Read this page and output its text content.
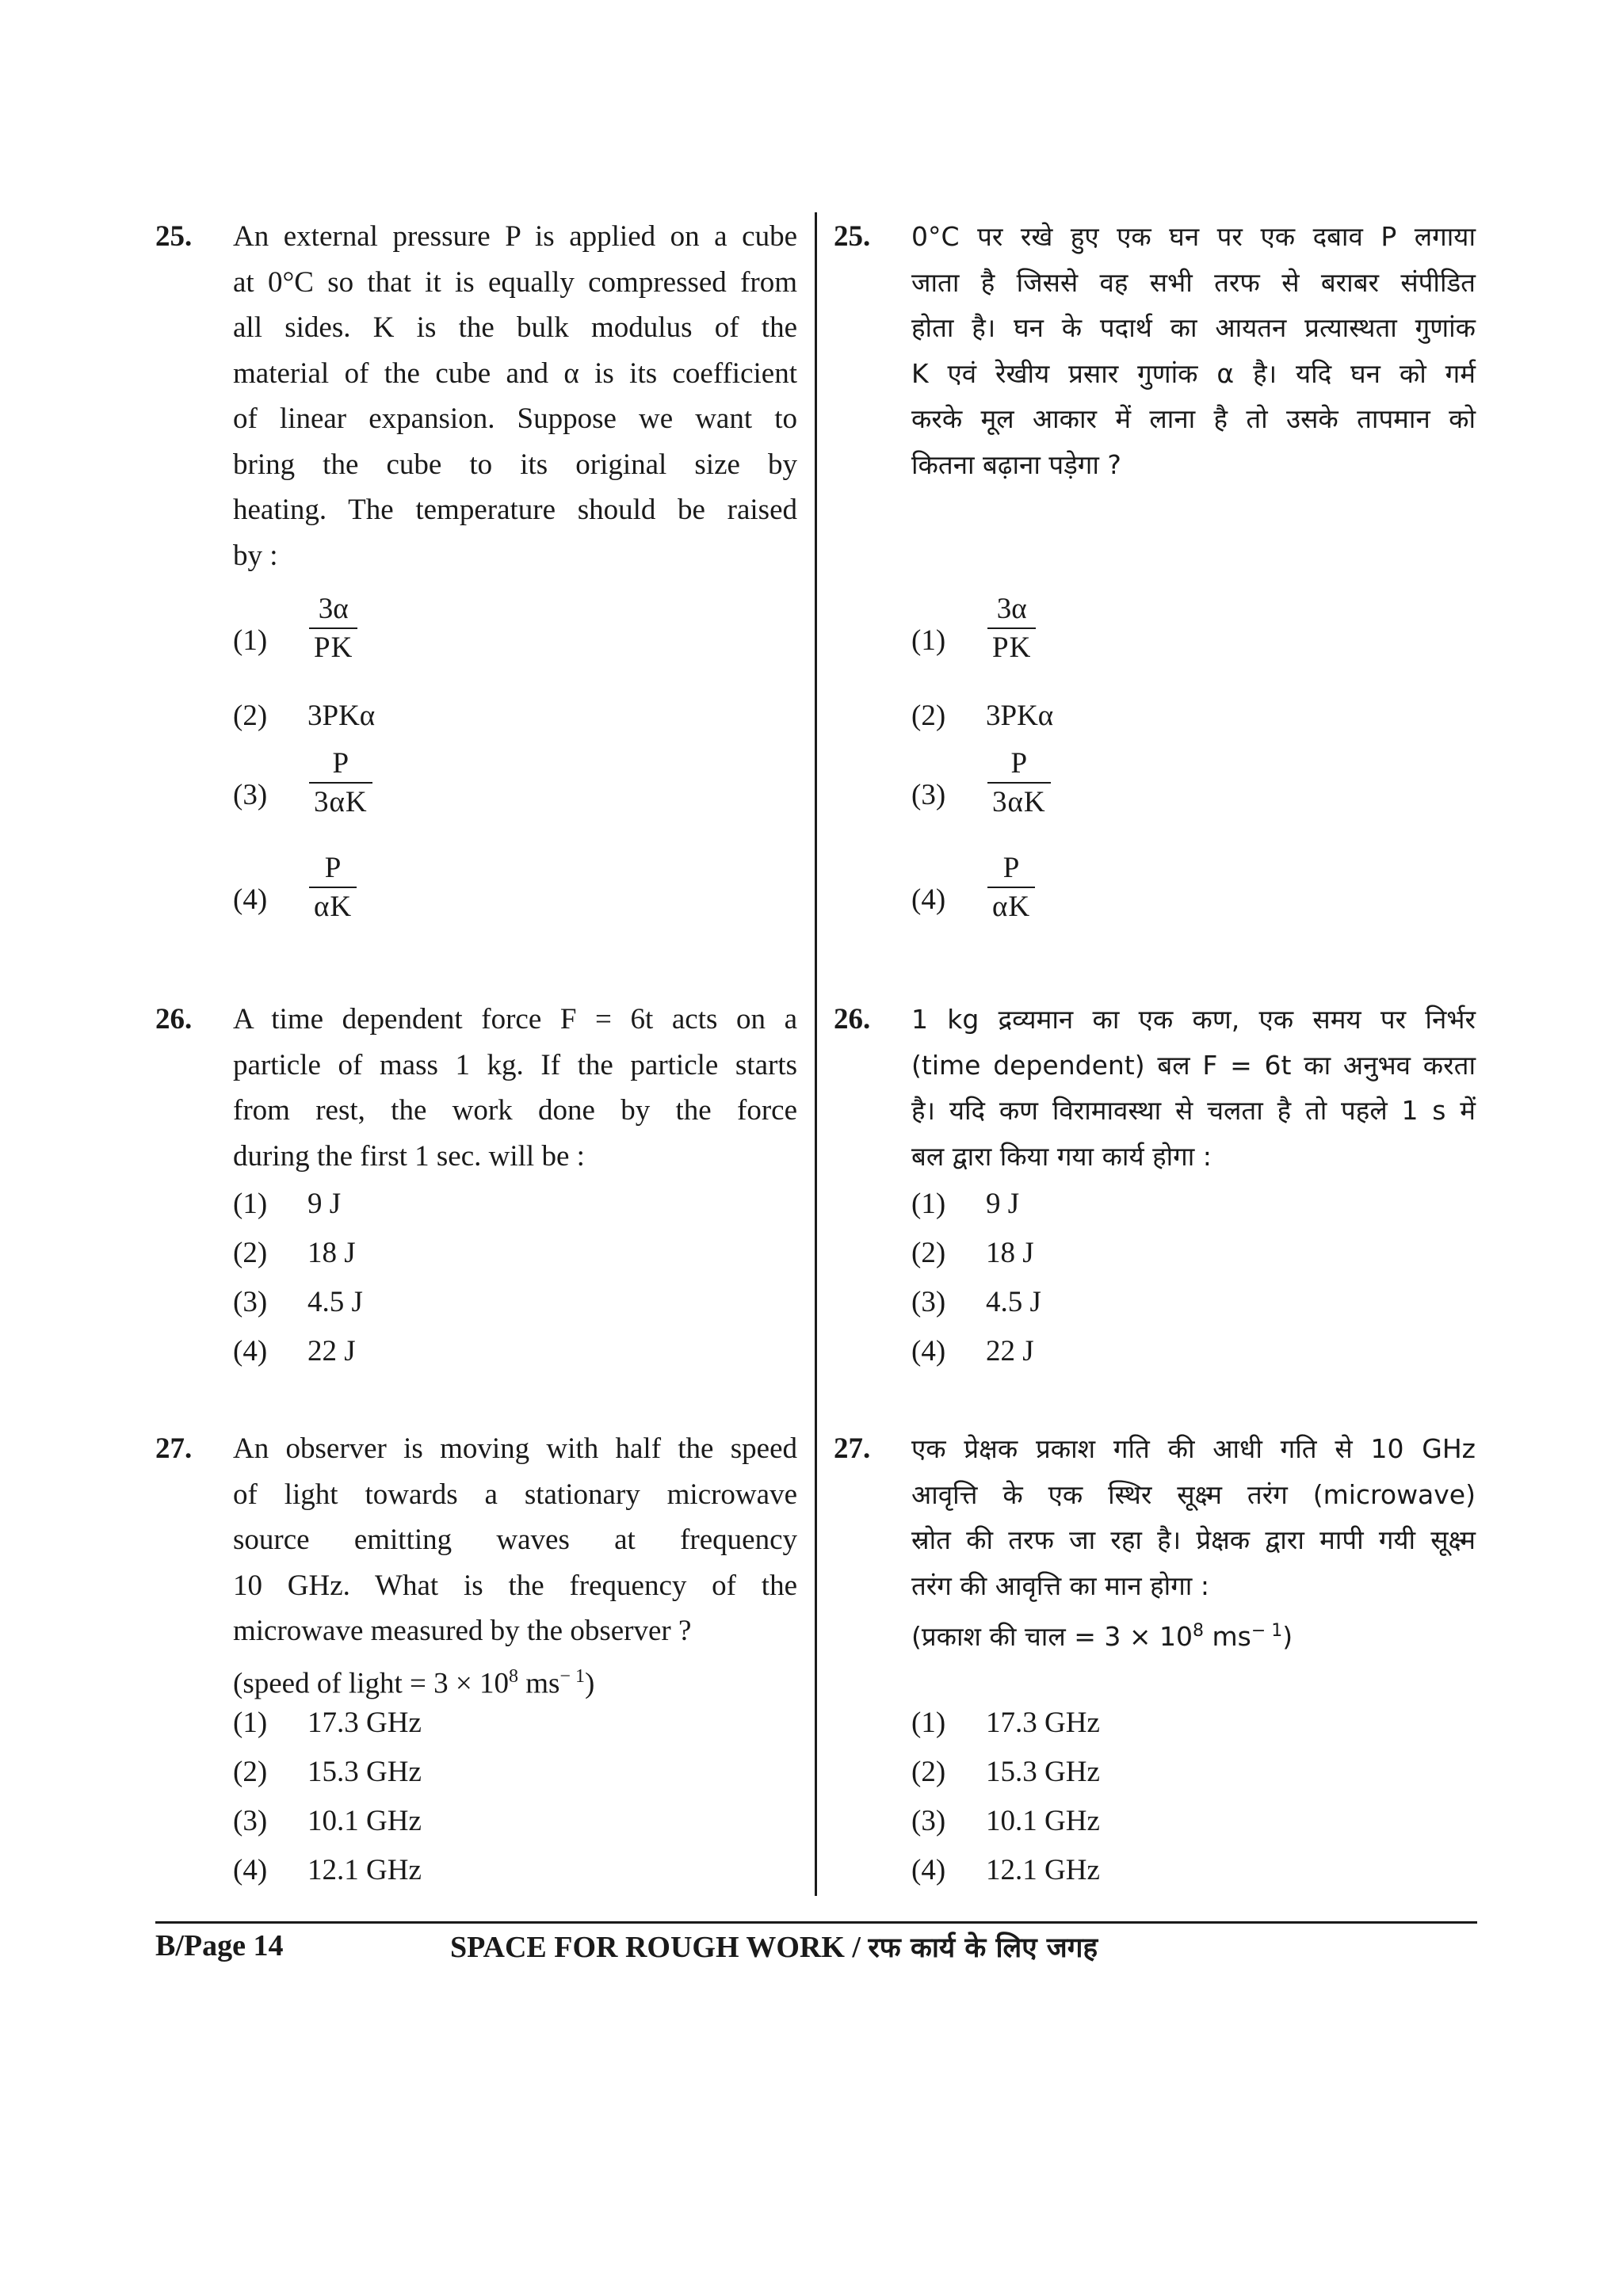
25. An external pressure P is applied on a cube
at 0°C so that it is equally compressed from
all sides. K is the bulk modulus of the
material of the cube and α is its coefficient
of linear expansion. Suppose we want to
bring the cube to its original size by
heating. The temperature should be raised
by :
(1)
3α
PK
(2) 3PKα
(3)
P
3αK
(4)
P
αK
26. A time dependent force F = 6t acts on a
particle of mass 1 kg. If the particle starts
from rest, the work done by the force
during the first 1 sec. will be :
(1) 9 J
(2) 18 J
(3) 4.5 J
(4) 22 J
27. An observer is moving with half the speed
of light towards a stationary microwave
source emitting waves at frequency
10 GHz. What is the frequency of the
microwave measured by the observer ?
(speed of light = $3 \times 10^8$ $ms^{- 1}$)
(1) 17.3 GHz
(2) 15.3 GHz
(3) 10.1 GHz
(4) 12.1 GHz
25. 0°C पर रखे हुए एक घन पर एक दबाव P लगाया
जाता है जिससे वह सभी तरफ से बराबर संपीडित
होता है। घन के पदार्थ का आयतन प्रत्यास्थता गुणांक
K एवं रेखीय प्रसार गुणांक α है। यदि घन को गर्म
करके मूल आकार में लाना है तो उसके तापमान को
कितना बढ़ाना पड़ेगा ?
(1)
3α
PK
(2) 3PKα
(3)
P
3αK
(4)
P
αK
26. 1 kg द्रव्यमान का एक कण, एक समय पर निर्भर
(time dependent) बल F = 6t का अनुभव करता
है। यदि कण विरामावस्था से चलता है तो पहले 1 s में
बल द्वारा किया गया कार्य होगा :
(1) 9 J
(2) 18 J
(3) 4.5 J
(4) 22 J
27. एक प्रेक्षक प्रकाश गति की आधी गति से 10 GHz
आवृत्ति के एक स्थिर सूक्ष्म तरंग (microwave)
स्रोत की तरफ जा रहा है। प्रेक्षक द्वारा मापी गयी सूक्ष्म
तरंग की आवृत्ति का मान होगा :
(प्रकाश की चाल = $3 \times 10^8$ $ms^{- 1}$)
(1) 17.3 GHz
(2) 15.3 GHz
(3) 10.1 GHz
(4) 12.1 GHz
B/Page 14	SPACE FOR ROUGH WORK / रफ कार्य के लिए जगह
